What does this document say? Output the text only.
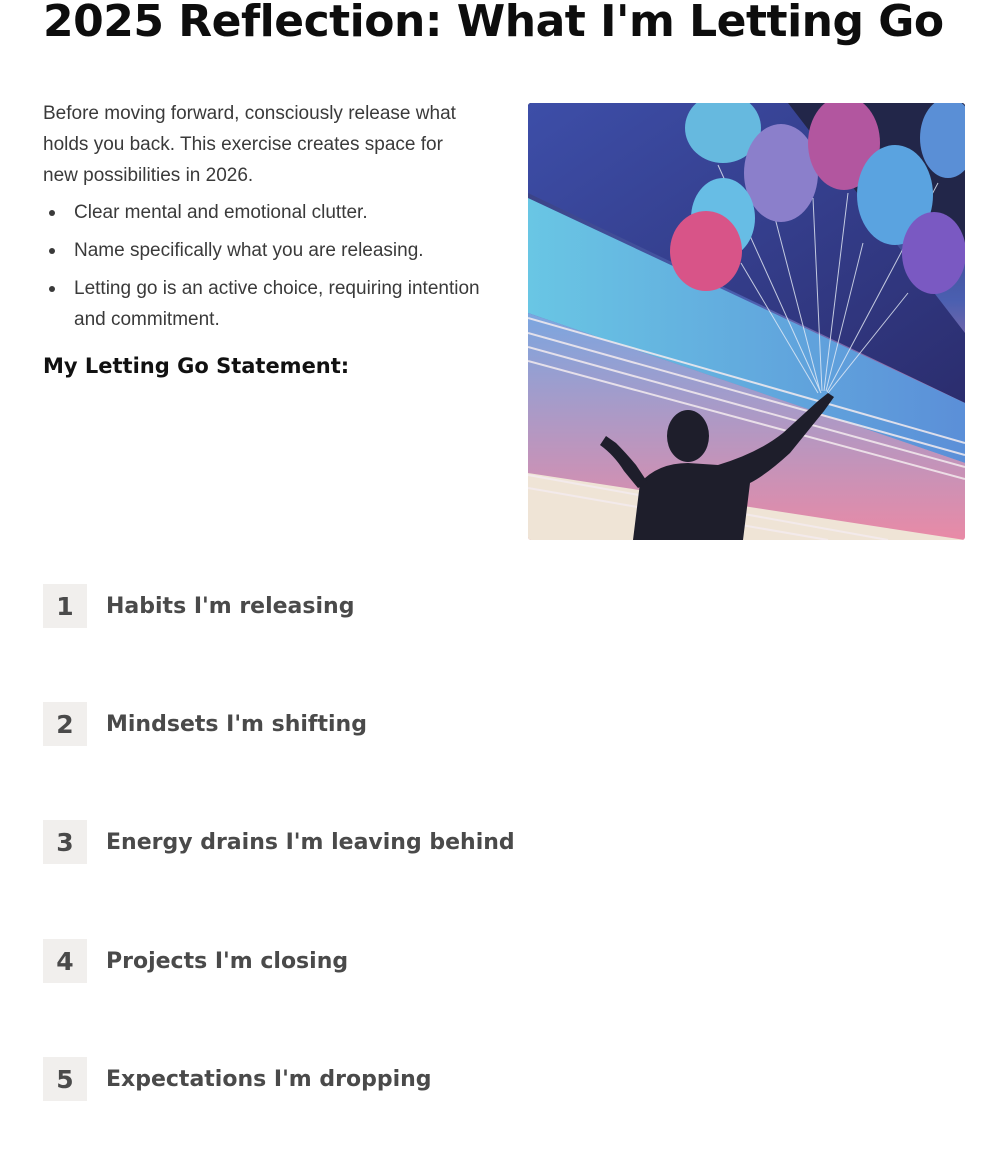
2025 Reflection: What I'm Letting Go

Before moving forward, consciously release what holds you back. This exercise creates space for new possibilities in 2026.

Clear mental and emotional clutter.
Name specifically what you are releasing.
Letting go is an active choice, requiring intention and commitment.
My Letting Go Statement:
1	Habits I'm releasing
2	Mindsets I'm shifting
3	Energy drains I'm leaving behind
4	Projects I'm closing
5	Expectations I'm dropping
